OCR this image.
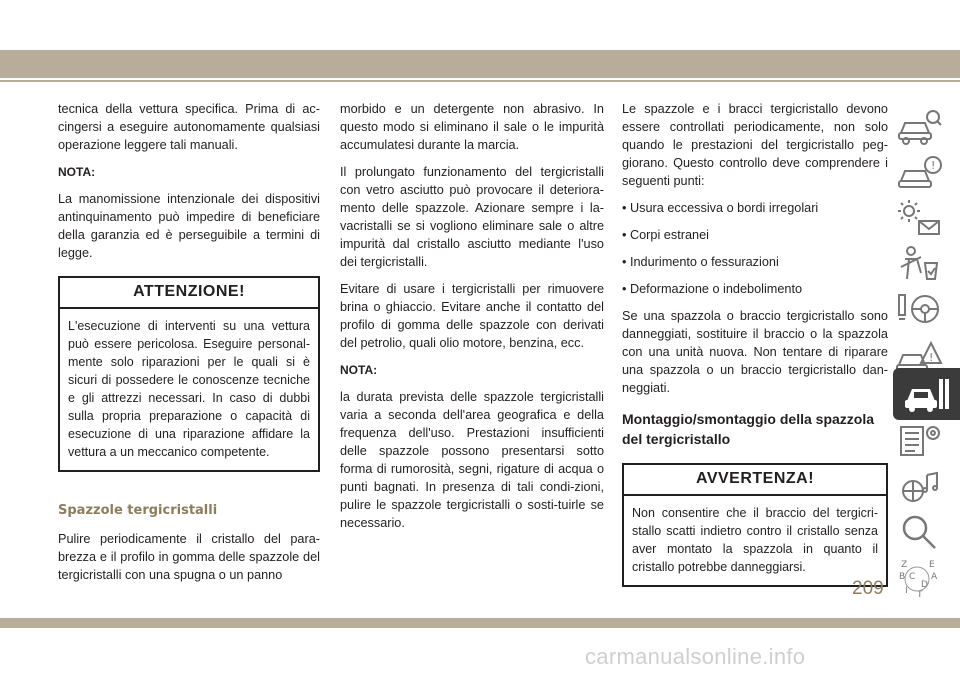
tecnica della vettura specifica. Prima di ac-cingersi a eseguire autonomamente qualsiasi operazione leggere tali manuali.

NOTA:

La manomissione intenzionale dei dispositivi antinquinamento può impedire di beneficiare della garanzia ed è perseguibile a termini di legge.

ATTENZIONE!
L'esecuzione di interventi su una vettura può essere pericolosa. Eseguire personal-mente solo riparazioni per le quali si è sicuri di possedere le conoscenze tecniche e gli attrezzi necessari. In caso di dubbi sulla propria preparazione o capacità di esecuzione di una riparazione affidare la vettura a un meccanico competente.
Spazzole tergicristalli

Pulire periodicamente il cristallo del para-brezza e il profilo in gomma delle spazzole del tergicristalli con una spugna o un panno

morbido e un detergente non abrasivo. In questo modo si eliminano il sale o le impurità accumulatesi durante la marcia.

Il prolungato funzionamento del tergicristalli con vetro asciutto può provocare il deteriora-mento delle spazzole. Azionare sempre i la-vacristalli se si vogliono eliminare sale o altre impurità dal cristallo asciutto mediante l'uso dei tergicristalli.

Evitare di usare i tergicristalli per rimuovere brina o ghiaccio. Evitare anche il contatto del profilo di gomma delle spazzole con derivati del petrolio, quali olio motore, benzina, ecc.

NOTA:

la durata prevista delle spazzole tergicristalli varia a seconda dell'area geografica e della frequenza dell'uso. Prestazioni insufficienti delle spazzole possono presentarsi sotto forma di rumorosità, segni, rigature di acqua o punti bagnati. In presenza di tali condi-zioni, pulire le spazzole tergicristalli o sosti-tuirle se necessario.

Le spazzole e i bracci tergicristallo devono essere controllati periodicamente, non solo quando le prestazioni del tergicristallo peg-giorano. Questo controllo deve comprendere i seguenti punti:

• Usura eccessiva o bordi irregolari

• Corpi estranei

• Indurimento o fessurazioni

• Deformazione o indebolimento

Se una spazzola o braccio tergicristallo sono danneggiati, sostituire il braccio o la spazzola con una unità nuova. Non tentare di riparare una spazzola o un braccio tergicristallo dan-neggiati.

Montaggio/smontaggio della spazzola del tergicristallo
AVVERTENZA!
Non consentire che il braccio del tergicri-stallo scatti indietro contro il cristallo senza aver montato la spazzola in quanto il cristallo potrebbe danneggiarsi.
!
!
Z E
B	A
C
D
I T
209
carmanualsonline.info
